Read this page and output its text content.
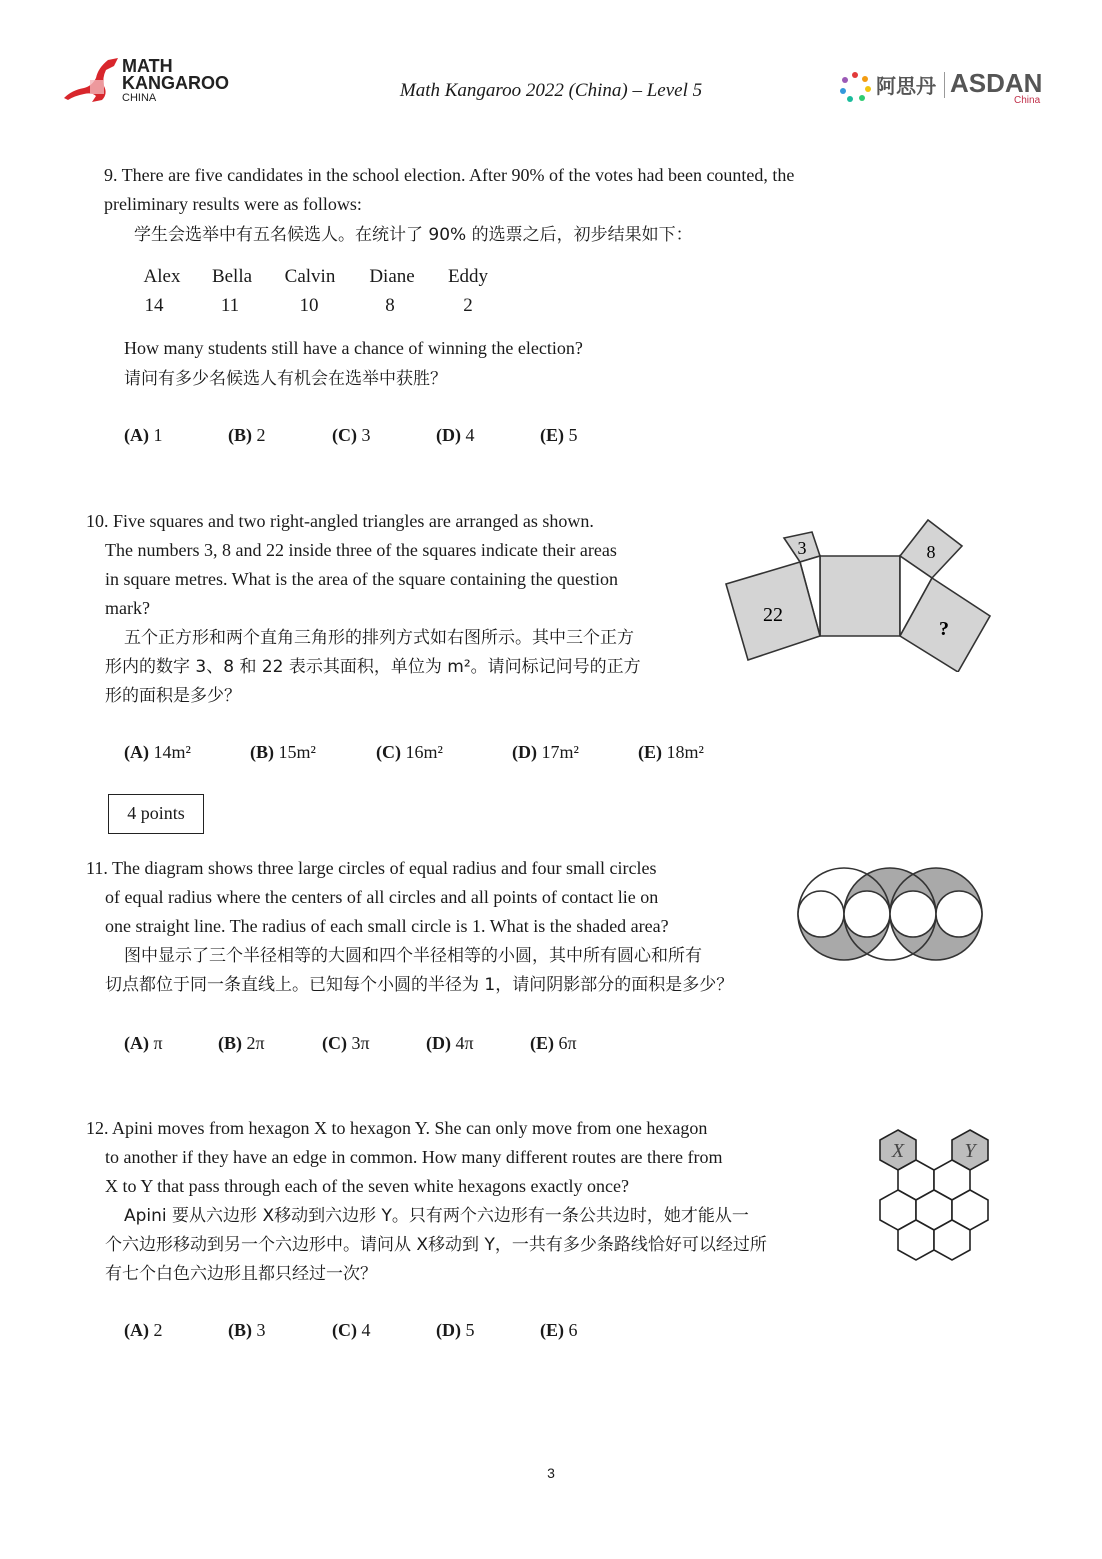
MATH
KANGAROO
CHINA	Math Kangaroo 2022 (China) – Level 5	阿思丹 ASDAN
China
9. There are five candidates in the school election. After 90% of the votes had been counted, the
preliminary results were as follows:
学生会选举中有五名候选人。在统计了 90% 的选票之后，初步结果如下：
Alex	Bella	Calvin	Diane	Eddy
14	11	10	8	2
How many students still have a chance of winning the election?
请问有多少名候选人有机会在选举中获胜？
(A) 1	(B) 2	(C) 3	(D) 4	(E) 5
10. Five squares and two right-angled triangles are arranged as shown.
The numbers 3, 8 and 22 inside three of the squares indicate their areas
in square metres. What is the area of the square containing the question
mark?
五个正方形和两个直角三角形的排列方式如右图所示。其中三个正方
形内的数字 3、8 和 22 表示其面积，单位为 m²。请问标记问号的正方
形的面积是多少？
3	8
22
?
(A) 14m²	(B) 15m²	(C) 16m²	(D) 17m²	(E) 18m²
4 points
11. The diagram shows three large circles of equal radius and four small circles
of equal radius where the centers of all circles and all points of contact lie on
one straight line. The radius of each small circle is 1. What is the shaded area?
图中显示了三个半径相等的大圆和四个半径相等的小圆，其中所有圆心和所有
切点都位于同一条直线上。已知每个小圆的半径为 1，请问阴影部分的面积是多少？
(A) π	(B) 2π	(C) 3π	(D) 4π	(E) 6π
12. Apini moves from hexagon X to hexagon Y. She can only move from one hexagon
to another if they have an edge in common. How many different routes are there from
X to Y that pass through each of the seven white hexagons exactly once?
Apini 要从六边形 X移动到六边形 Y。只有两个六边形有一条公共边时，她才能从一
个六边形移动到另一个六边形中。请问从 X移动到 Y，一共有多少条路线恰好可以经过所
有七个白色六边形且都只经过一次？
X	Y
(A) 2	(B) 3	(C) 4	(D) 5	(E) 6
3
